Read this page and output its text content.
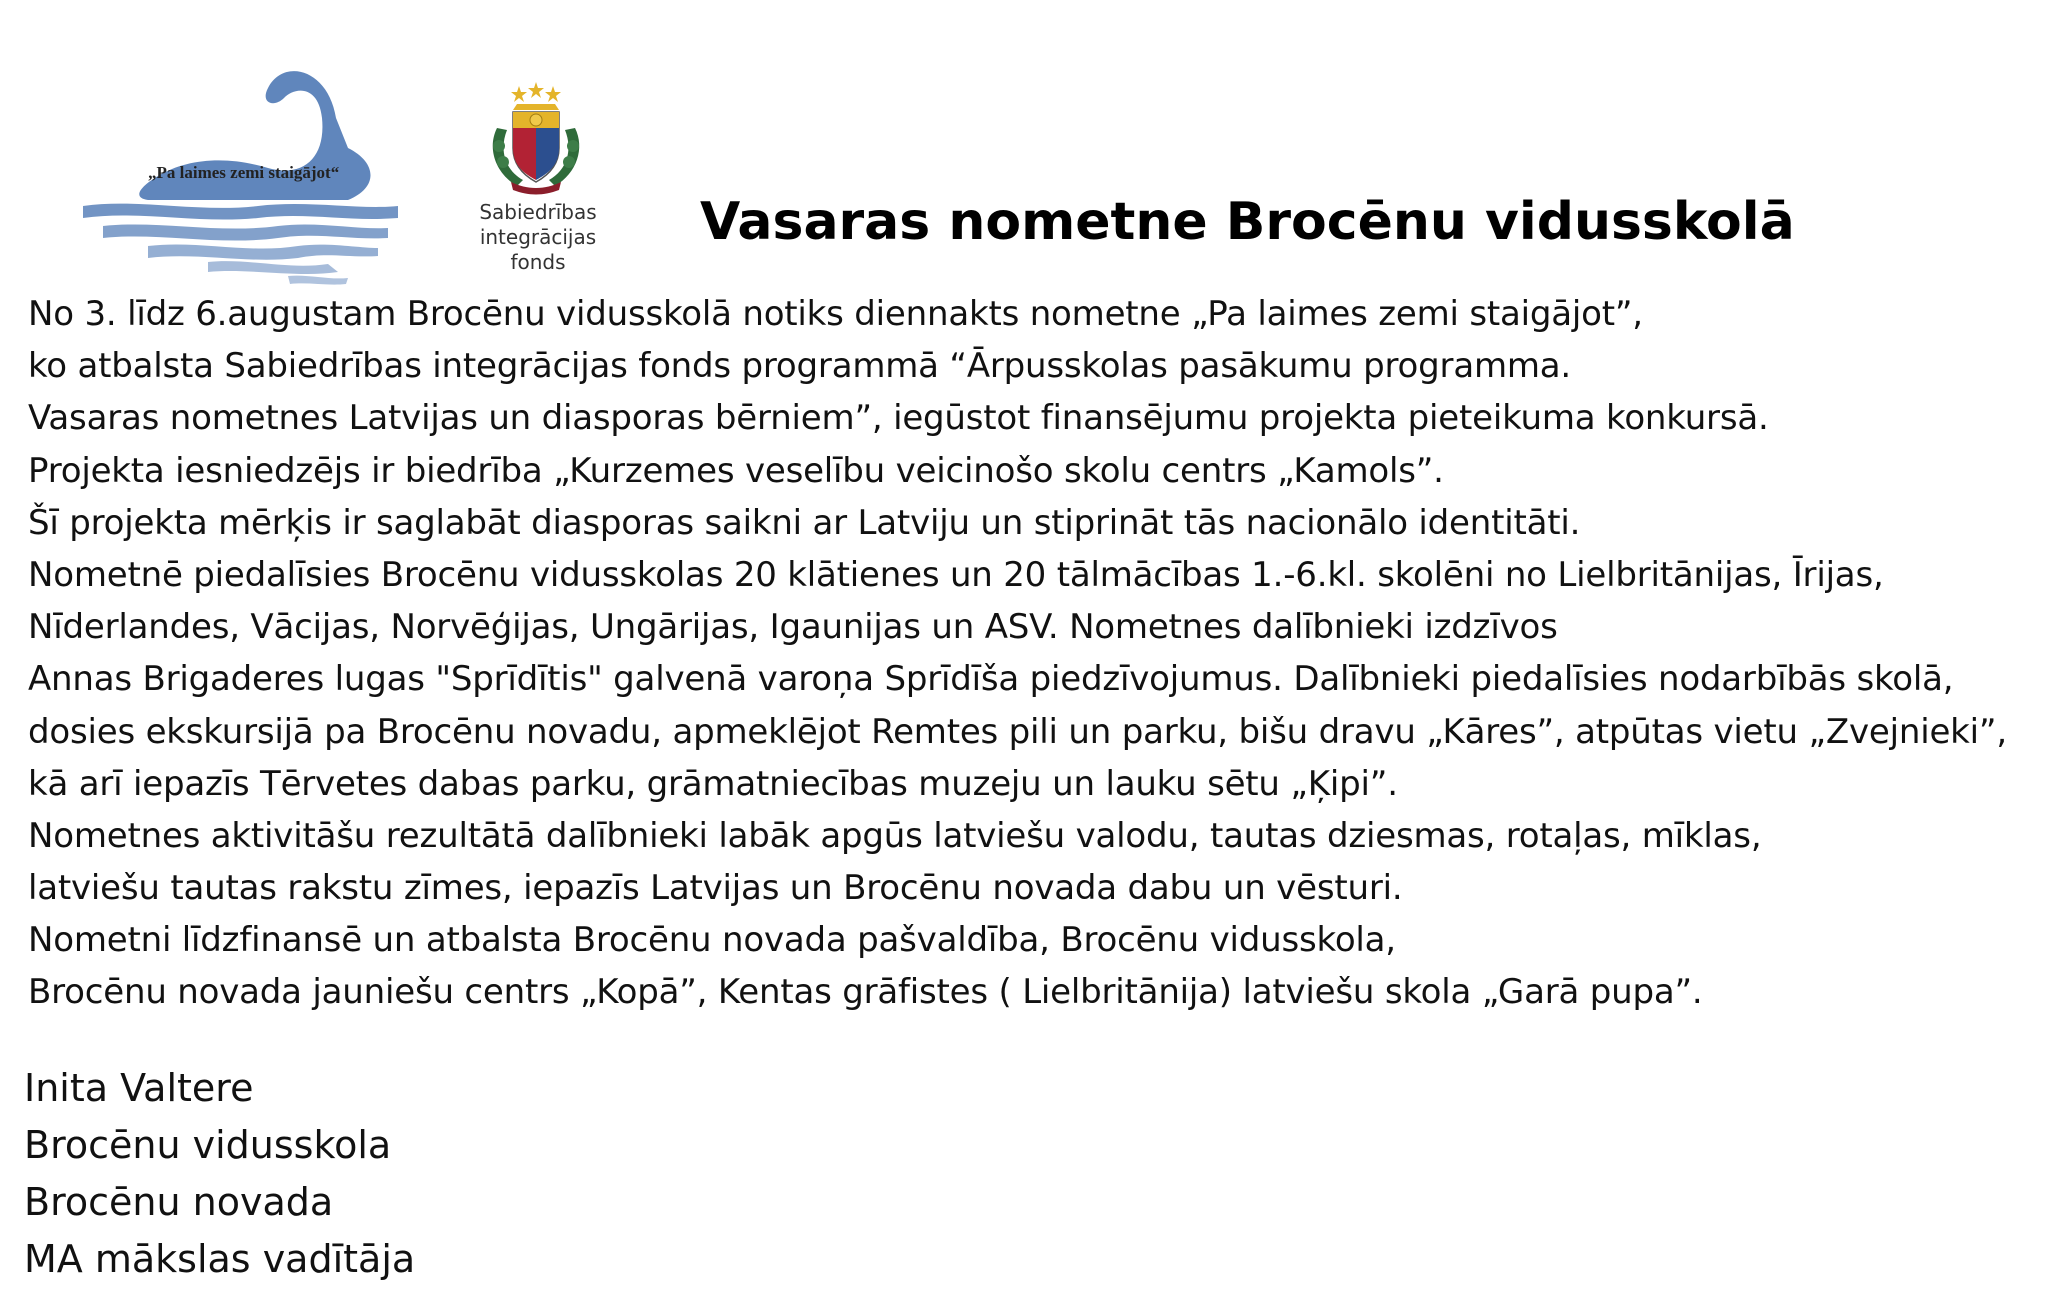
„Pa laimes zemi staigājot“
Sabiedrības integrācijas
fonds
Vasaras nometne Brocēnu vidusskolā
No 3. līdz 6.augustam Brocēnu vidusskolā notiks diennakts nometne „Pa laimes zemi staigājot”,
ko atbalsta Sabiedrības integrācijas fonds programmā “Ārpusskolas pasākumu programma.
Vasaras nometnes Latvijas un diasporas bērniem”, iegūstot finansējumu projekta pieteikuma konkursā.
Projekta iesniedzējs ir biedrība „Kurzemes veselību veicinošo skolu centrs „Kamols”.
Šī projekta mērķis ir saglabāt diasporas saikni ar Latviju un stiprināt tās nacionālo identitāti.
Nometnē piedalīsies Brocēnu vidusskolas 20 klātienes un 20 tālmācības 1.-6.kl. skolēni no Lielbritānijas, Īrijas,
Nīderlandes, Vācijas, Norvēģijas, Ungārijas, Igaunijas un ASV. Nometnes dalībnieki izdzīvos
Annas Brigaderes lugas "Sprīdītis" galvenā varoņa Sprīdīša piedzīvojumus. Dalībnieki piedalīsies nodarbībās skolā,
dosies ekskursijā pa Brocēnu novadu, apmeklējot Remtes pili un parku, bišu dravu „Kāres”, atpūtas vietu „Zvejnieki”,
kā arī iepazīs Tērvetes dabas parku, grāmatniecības muzeju un lauku sētu „Ķipi”.
Nometnes aktivitāšu rezultātā dalībnieki labāk apgūs latviešu valodu, tautas dziesmas, rotaļas, mīklas,
latviešu tautas rakstu zīmes, iepazīs Latvijas un Brocēnu novada dabu un vēsturi.
Nometni līdzfinansē un atbalsta Brocēnu novada pašvaldība, Brocēnu vidusskola,
Brocēnu novada jauniešu centrs „Kopā”, Kentas grāfistes ( Lielbritānija) latviešu skola „Garā pupa”.
Inita Valtere
Brocēnu vidusskola
Brocēnu novada
MA mākslas vadītāja
